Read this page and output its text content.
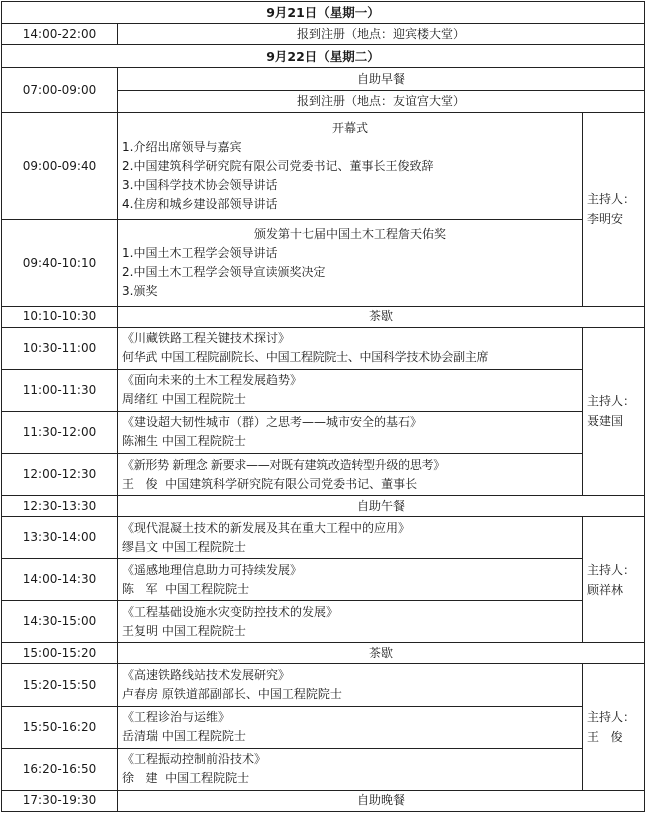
9月21日（星期一）		
14:00-22:00	报到注册（地点：迎宾楼大堂）	
9月22日（星期二）		
07:00-09:00	自助早餐	
	报到注册（地点：友谊宫大堂）	
09:00-09:40	开幕式
1.介绍出席领导与嘉宾
2.中国建筑科学研究院有限公司党委书记、董事长王俊致辞
3.中国科学技术协会领导讲话
4.住房和城乡建设部领导讲话	主持人：
李明安

09:40-10:10	颁发第十七届中国土木工程詹天佑奖
1.中国土木工程学会领导讲话
2.中国土木工程学会领导宣读颁奖决定
3.颁奖	

10:10-10:30	茶歇	
10:30-11:00	《川藏铁路工程关键技术探讨》
何华武 中国工程院副院长、中国工程院院士、中国科学技术协会副主席	主持人：
聂建国

11:00-11:30	《面向未来的土木工程发展趋势》
周绪红 中国工程院院士	

11:30-12:00	《建设超大韧性城市（群）之思考——城市安全的基石》
陈湘生 中国工程院院士	

12:00-12:30	《新形势 新理念 新要求——对既有建筑改造转型升级的思考》
王   俊  中国建筑科学研究院有限公司党委书记、董事长	

12:30-13:30	自助午餐	
13:30-14:00	《现代混凝土技术的新发展及其在重大工程中的应用》
缪昌文 中国工程院院士	主持人：
顾祥林

14:00-14:30	《遥感地理信息助力可持续发展》
陈   军  中国工程院院士	

14:30-15:00	《工程基础设施水灾变防控技术的发展》
王复明 中国工程院院士	

15:00-15:20	茶歇	
15:20-15:50	《高速铁路线站技术发展研究》
卢春房 原铁道部副部长、中国工程院院士	主持人：
王   俊

15:50-16:20	《工程诊治与运维》
岳清瑞 中国工程院院士	

16:20-16:50	《工程振动控制前沿技术》
徐   建  中国工程院院士	

17:30-19:30	自助晚餐	
